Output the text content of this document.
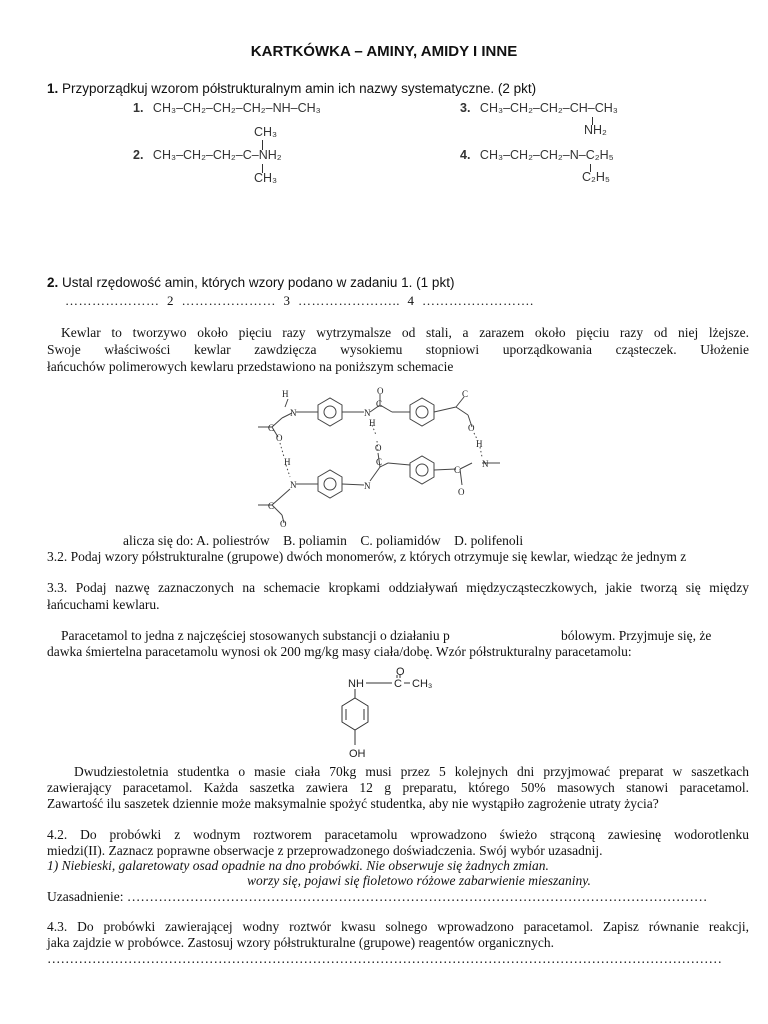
KARTKÓWKA – AMINY, AMIDY I INNE
1. Przyporządkuj wzorom półstrukturalnym amin ich nazwy systematyczne. (2 pkt)
1. CH₃–CH₂–CH₂–CH₂–NH–CH₃
CH₃
2. CH₃–CH₂–CH₂–C–NH₂
CH₃
3. CH₃–CH₂–CH₂–CH–CH₃
NH₂
4. CH₃–CH₂–CH₂–N–C₂H₅
C₂H₅
2. Ustal rzędowość amin, których wzory podano w zadaniu 1. (1 pkt)
…………………  2  …………………  3  …………………..  4  …………………….
Kewlar to tworzywo około pięciu razy wytrzymalsze od stali, a zarazem około pięciu razy od niej lżejsze.
Swoje właściwości kewlar zawdzięcza wysokiemu stopniowi uporządkowania cząsteczek. Ułożenie
łańcuchów polimerowych kewlaru przedstawiono na poniższym schemacie
H
N
O
C
N
H
O
C
C
O
H
N
O
C
O
C
N
H
N
C
O
alicza się do: A. poliestrów    B. poliamin    C. poliamidów    D. polifenoli
3.2. Podaj wzory półstrukturalne (grupowe) dwóch monomerów, z których otrzymuje się kewlar, wiedząc że jednym z
3.3. Podaj nazwę zaznaczonych na schemacie kropkami oddziaływań międzycząsteczkowych, jakie tworzą się między
łańcuchami kewlaru.
Paracetamol to jedna z najczęściej stosowanych substancji o działaniu p	bólowym. Przyjmuje się, że
dawka śmiertelna paracetamolu wynosi ok 200 mg/kg masy ciała/dobę. Wzór półstrukturalny paracetamolu:
O
NH	C CH₃
OH
Dwudziestoletnia studentka o masie ciała 70kg musi przez 5 kolejnych dni przyjmować preparat w saszetkach
zawierający paracetamol. Każda saszetka zawiera 12 g preparatu, którego 50% masowych stanowi paracetamol.
Zawartość ilu saszetek dziennie może maksymalnie spożyć studentka, aby nie wystąpiło zagrożenie utraty życia?
4.2. Do probówki z wodnym roztworem paracetamolu wprowadzono świeżo strąconą zawiesinę wodorotlenku
miedzi(II). Zaznacz poprawne obserwacje z przeprowadzonego doświadczenia. Swój wybór uzasadnij.
1) Niebieski, galaretowaty osad opadnie na dno probówki. Nie obserwuje się żadnych zmian.
worzy się, pojawi się fioletowo różowe zabarwienie mieszaniny.
Uzasadnienie: …………………………………………………………………………………………………………………
4.3. Do probówki zawierającej wodny roztwór kwasu solnego wprowadzono paracetamol. Zapisz równanie reakcji,
jaka zajdzie w probówce. Zastosuj wzory półstrukturalne (grupowe) reagentów organicznych.
……………………………………………………………………………………………………………………………………
